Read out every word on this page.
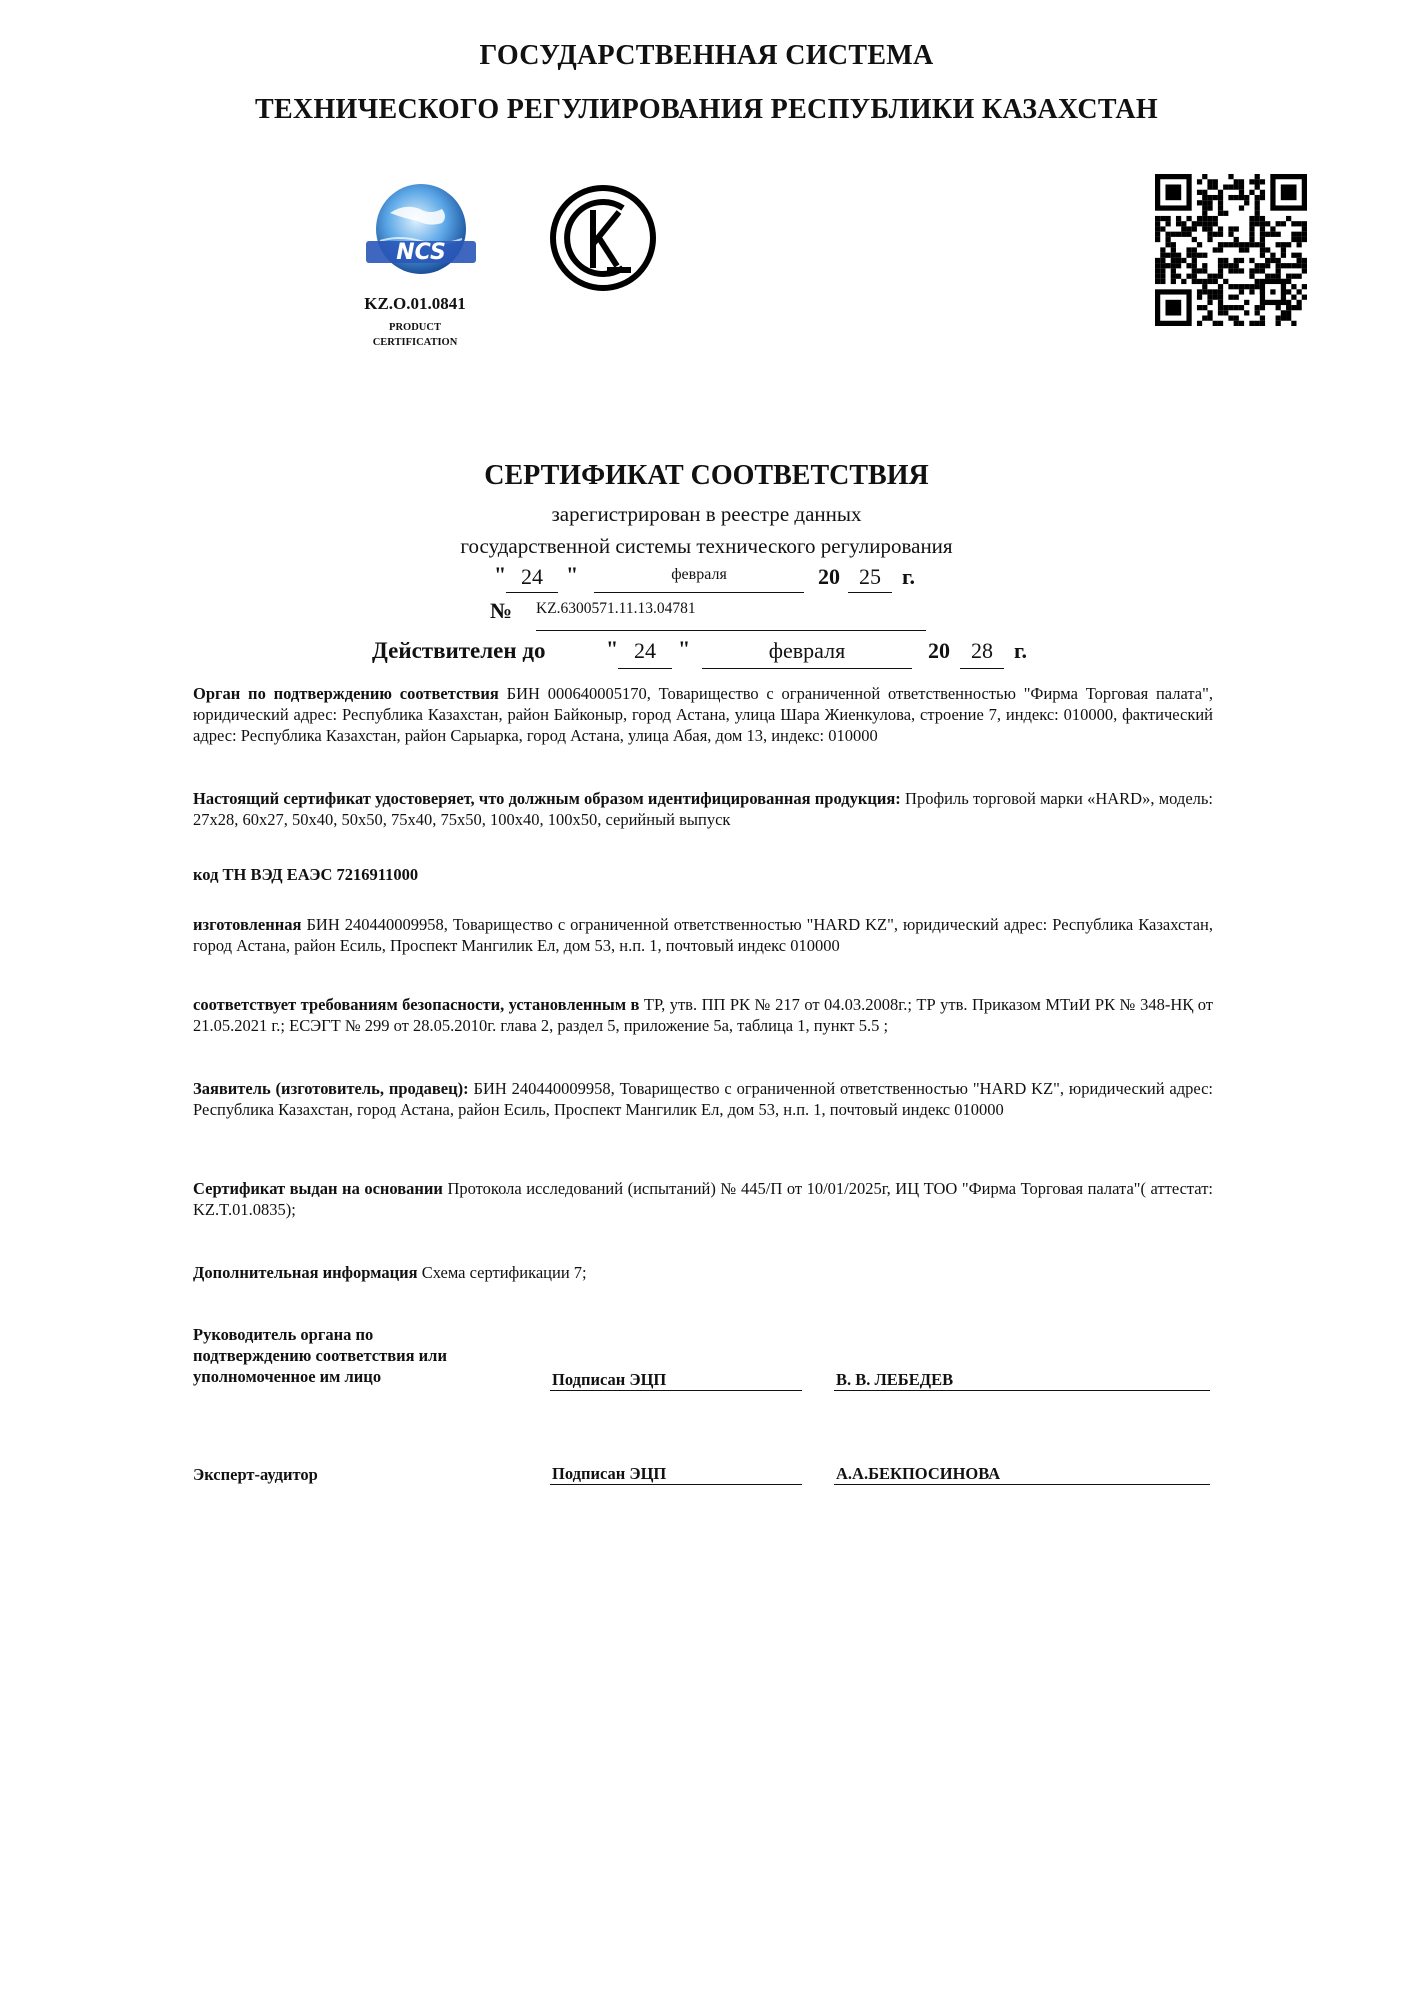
ГОСУДАРСТВЕННАЯ СИСТЕМА
ТЕХНИЧЕСКОГО РЕГУЛИРОВАНИЯ РЕСПУБЛИКИ КАЗАХСТАН
NCS
KZ.O.01.0841
PRODUCT
CERTIFICATION
СЕРТИФИКАТ СООТВЕТСТВИЯ
зарегистрирован в реестре данных
государственной системы технического регулирования
" 24	"	февраля	20 25 г.
№ KZ.6300571.11.13.04781
Действителен до	" 24	"	февраля	20 28 г.
Орган по подтверждению соответствия БИН 000640005170, Товарищество с ограниченной ответственностью "Фирма Торговая палата", юридический адрес: Республика Казахстан, район Байконыр, город Астана, улица Шара Жиенкулова, строение 7, индекс: 010000, фактический адрес: Республика Казахстан, район Сарыарка, город Астана, улица Абая, дом 13, индекс: 010000
Настоящий сертификат удостоверяет, что должным образом идентифицированная продукция: Профиль торговой марки «HARD», модель: 27х28, 60х27, 50х40, 50х50, 75х40, 75х50, 100х40, 100х50, серийный выпуск
код ТН ВЭД ЕАЭС 7216911000
изготовленная БИН 240440009958, Товарищество с ограниченной ответственностью "HARD KZ", юридический адрес: Республика Казахстан, город Астана, район Есиль, Проспект Мангилик Ел, дом 53, н.п. 1, почтовый индекс 010000
соответствует требованиям безопасности, установленным в ТР, утв. ПП РК № 217 от 04.03.2008г.; ТР утв. Приказом МТиИ РК № 348-НҚ от 21.05.2021 г.; ЕСЭГТ № 299 от 28.05.2010г. глава 2, раздел 5, приложение 5а, таблица 1, пункт 5.5 ;
Заявитель (изготовитель, продавец): БИН 240440009958, Товарищество с ограниченной ответственностью "HARD KZ", юридический адрес: Республика Казахстан, город Астана, район Есиль, Проспект Мангилик Ел, дом 53, н.п. 1, почтовый индекс 010000
Сертификат выдан на основании Протокола исследований (испытаний) № 445/П от 10/01/2025г, ИЦ ТОО "Фирма Торговая палата"( аттестат: KZ.T.01.0835);
Дополнительная информация Схема сертификации 7;
Руководитель органа по
подтверждению соответствия или
уполномоченное им лицо	Подписан ЭЦП	В. В. ЛЕБЕДЕВ
Эксперт-аудитор	Подписан ЭЦП	А.А.БЕКПОСИНОВА
